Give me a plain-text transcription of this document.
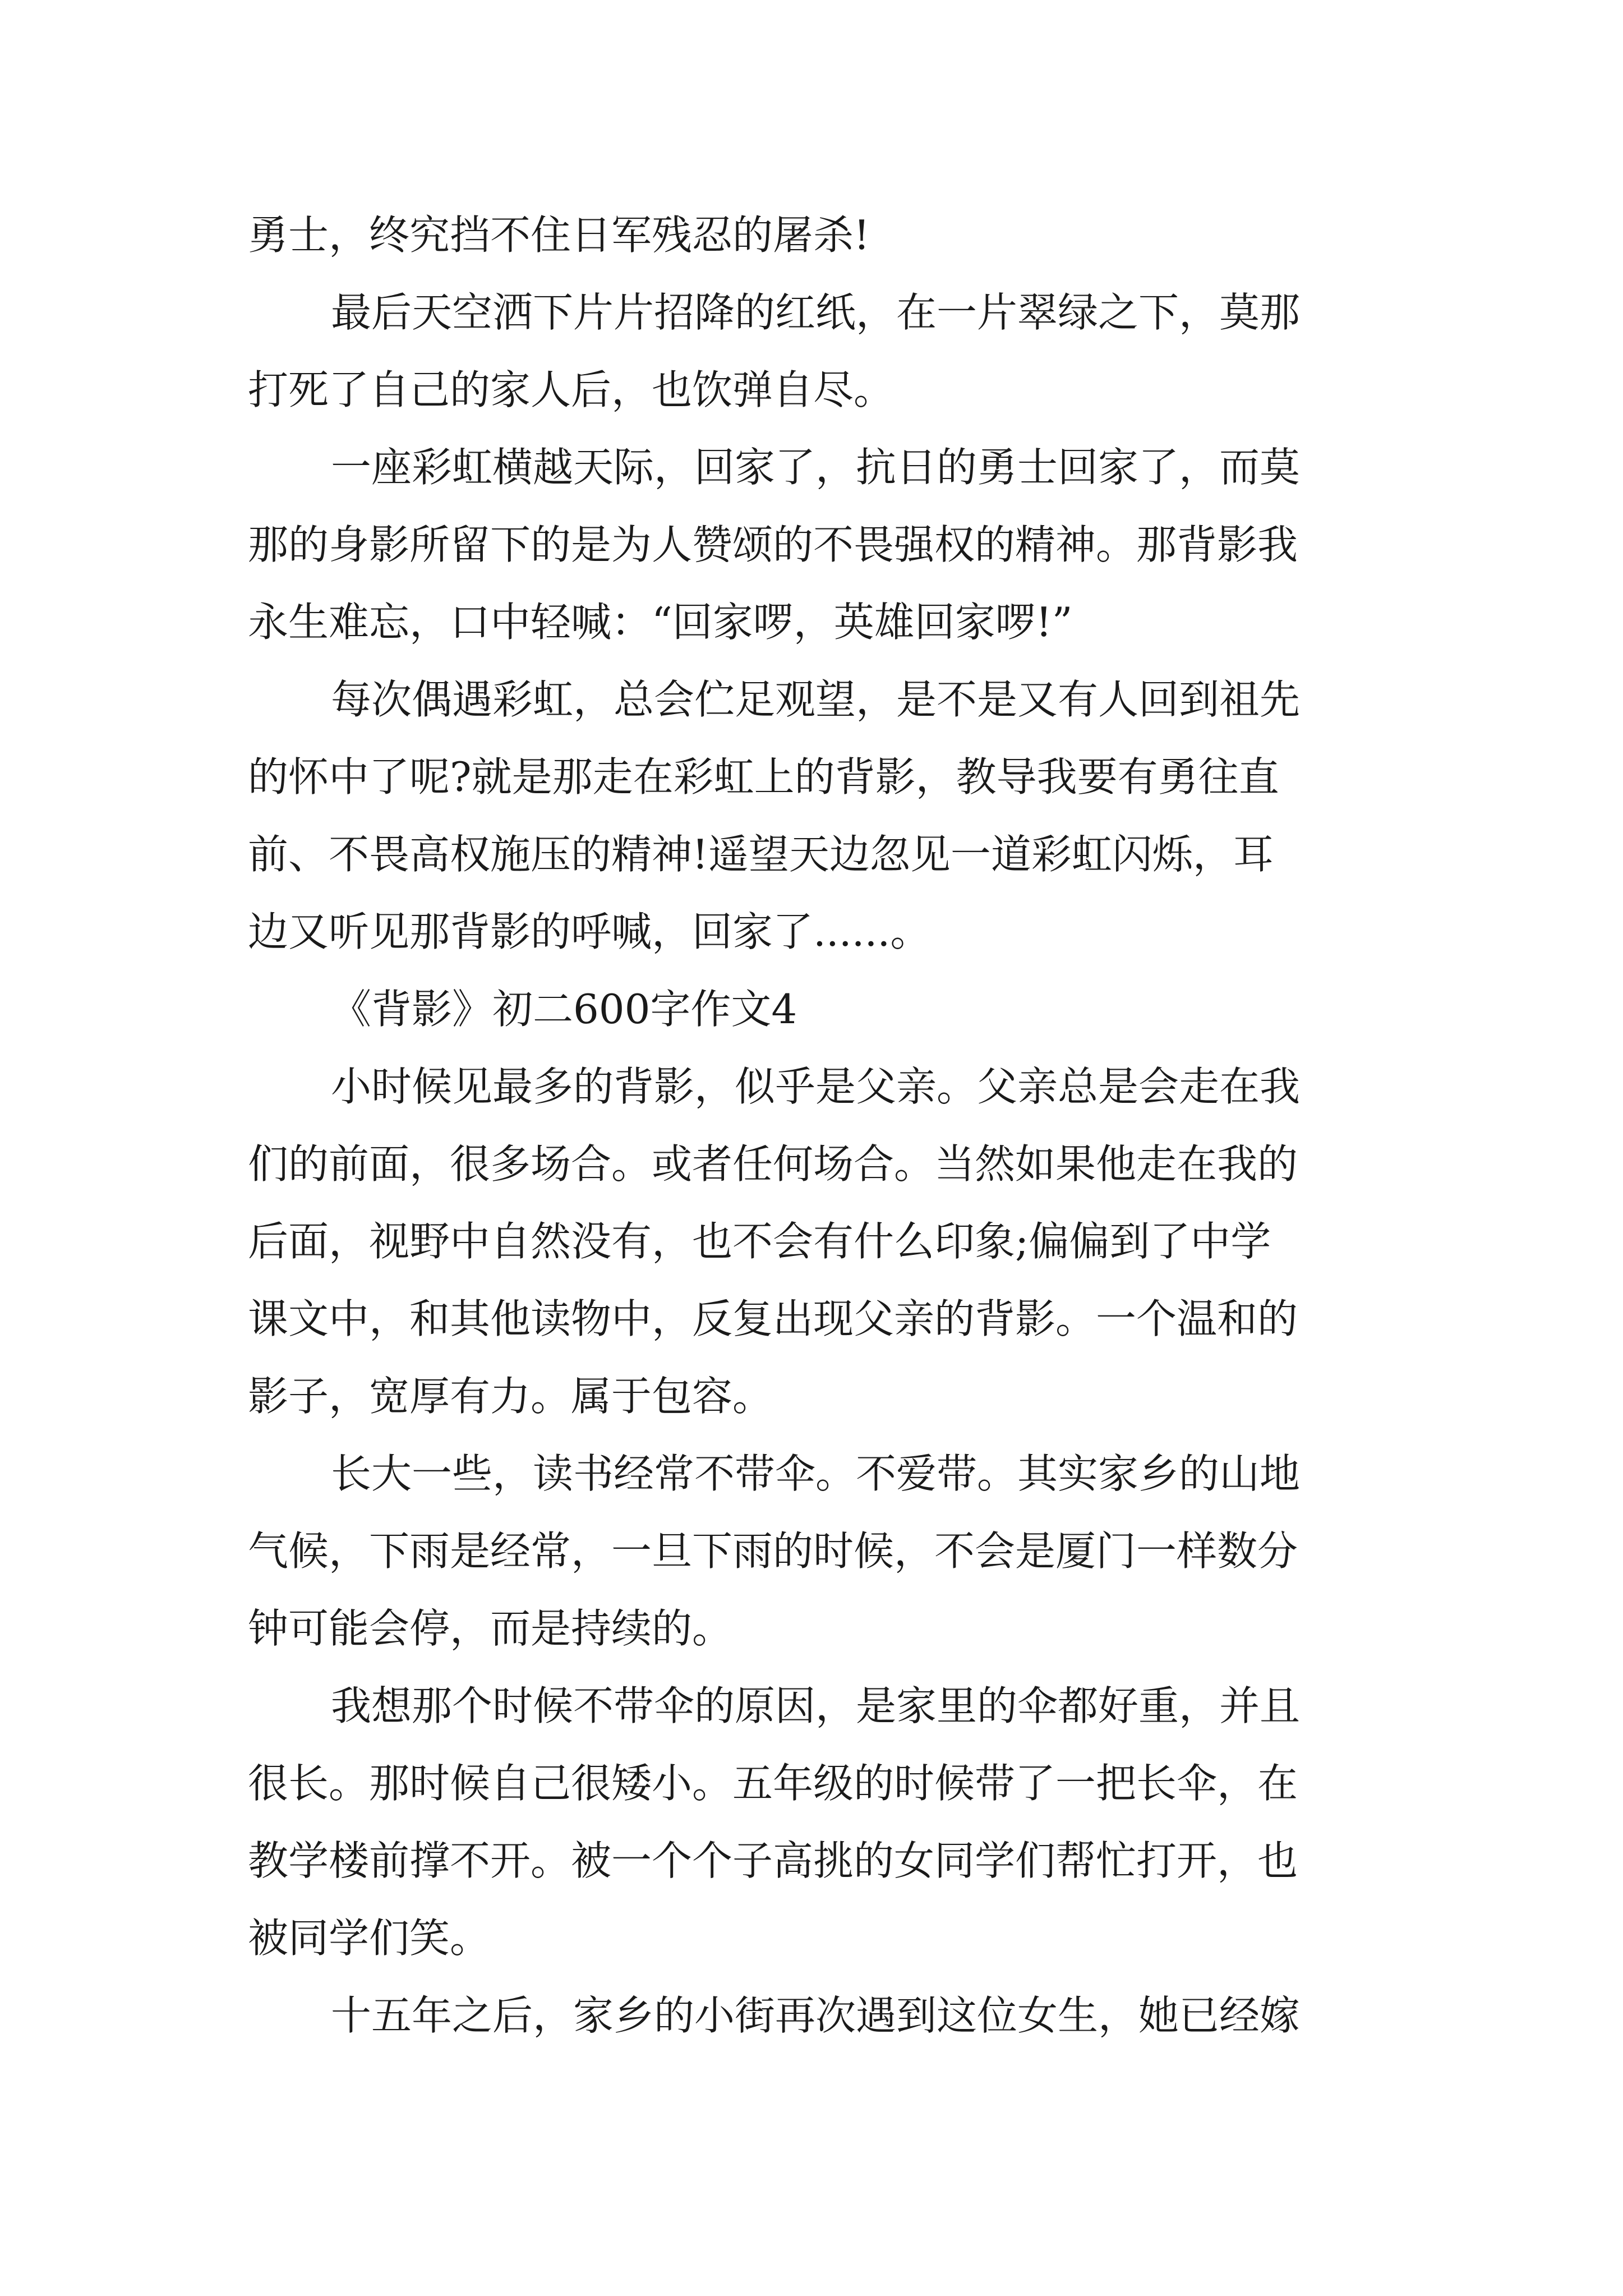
勇士，终究挡不住日军残忍的屠杀!
最后天空洒下片片招降的红纸，在一片翠绿之下，莫那
打死了自己的家人后，也饮弹自尽。
一座彩虹横越天际，回家了，抗日的勇士回家了，而莫
那的身影所留下的是为人赞颂的不畏强权的精神。那背影我
永生难忘，口中轻喊：“回家啰，英雄回家啰!”
每次偶遇彩虹，总会伫足观望，是不是又有人回到祖先
的怀中了呢?就是那走在彩虹上的背影，教导我要有勇往直
前、不畏高权施压的精神!遥望天边忽见一道彩虹闪烁，耳
边又听见那背影的呼喊，回家了......。
《背影》初二600字作文4
小时候见最多的背影，似乎是父亲。父亲总是会走在我
们的前面，很多场合。或者任何场合。当然如果他走在我的
后面，视野中自然没有，也不会有什么印象;偏偏到了中学
课文中，和其他读物中，反复出现父亲的背影。一个温和的
影子，宽厚有力。属于包容。
长大一些，读书经常不带伞。不爱带。其实家乡的山地
气候，下雨是经常，一旦下雨的时候，不会是厦门一样数分
钟可能会停，而是持续的。
我想那个时候不带伞的原因，是家里的伞都好重，并且
很长。那时候自己很矮小。五年级的时候带了一把长伞，在
教学楼前撑不开。被一个个子高挑的女同学们帮忙打开，也
被同学们笑。
十五年之后，家乡的小街再次遇到这位女生，她已经嫁
